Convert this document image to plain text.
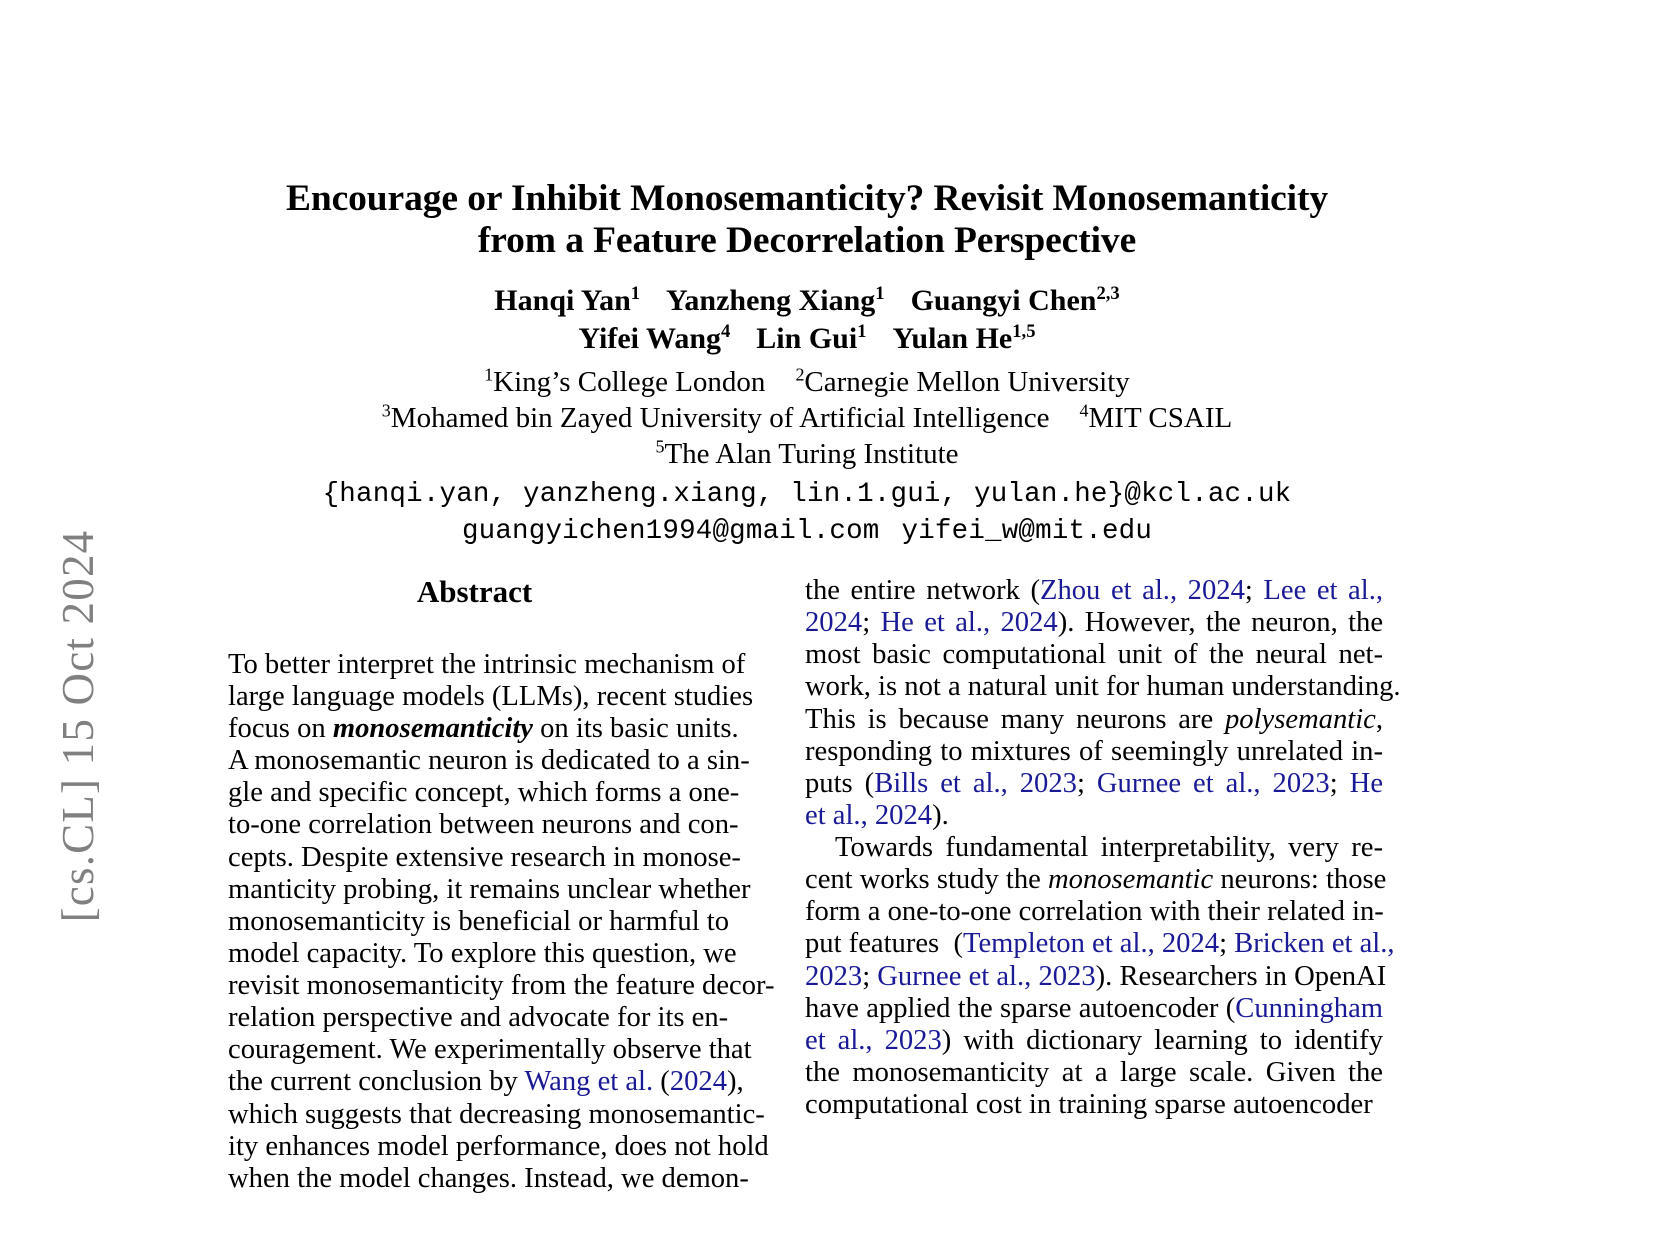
[cs.CL] 15 Oct 2024
Encourage or Inhibit Monosemanticity? Revisit Monosemanticity
from a Feature Decorrelation Perspective
Hanqi Yan$^1$ Yanzheng Xiang$^1$ Guangyi Chen$^{2,3}$
Yifei Wang$^4$ Lin Gui$^1$ Yulan He$^{1,5}$
$^1$King’s College London $^2$Carnegie Mellon University
$^3$Mohamed bin Zayed University of Artificial Intelligence $^4$MIT CSAIL
$^5$The Alan Turing Institute
{hanqi.yan, yanzheng.xiang, lin.1.gui, yulan.he}@kcl.ac.uk
guangyichen1994@gmail.com yifei_w@mit.edu
Abstract
To better interpret the intrinsic mechanism of
large language models (LLMs), recent studies
focus on monosemanticity on its basic units.
A monosemantic neuron is dedicated to a sin-
gle and specific concept, which forms a one-
to-one correlation between neurons and con-
cepts. Despite extensive research in monose-
manticity probing, it remains unclear whether
monosemanticity is beneficial or harmful to
model capacity. To explore this question, we
revisit monosemanticity from the feature decor-
relation perspective and advocate for its en-
couragement. We experimentally observe that
the current conclusion by Wang et al. (2024),
which suggests that decreasing monosemantic-
ity enhances model performance, does not hold
when the model changes. Instead, we demon-
the entire network (Zhou et al., 2024; Lee et al.,
2024; He et al., 2024). However, the neuron, the
most basic computational unit of the neural net-
work, is not a natural unit for human understanding.
This is because many neurons are polysemantic,
responding to mixtures of seemingly unrelated in-
puts (Bills et al., 2023; Gurnee et al., 2023; He
et al., 2024).
Towards fundamental interpretability, very re-
cent works study the monosemantic neurons: those
form a one-to-one correlation with their related in-
put features  (Templeton et al., 2024; Bricken et al.,
2023; Gurnee et al., 2023). Researchers in OpenAI
have applied the sparse autoencoder (Cunningham
et al., 2023) with dictionary learning to identify
the monosemanticity at a large scale. Given the
computational cost in training sparse autoencoder
